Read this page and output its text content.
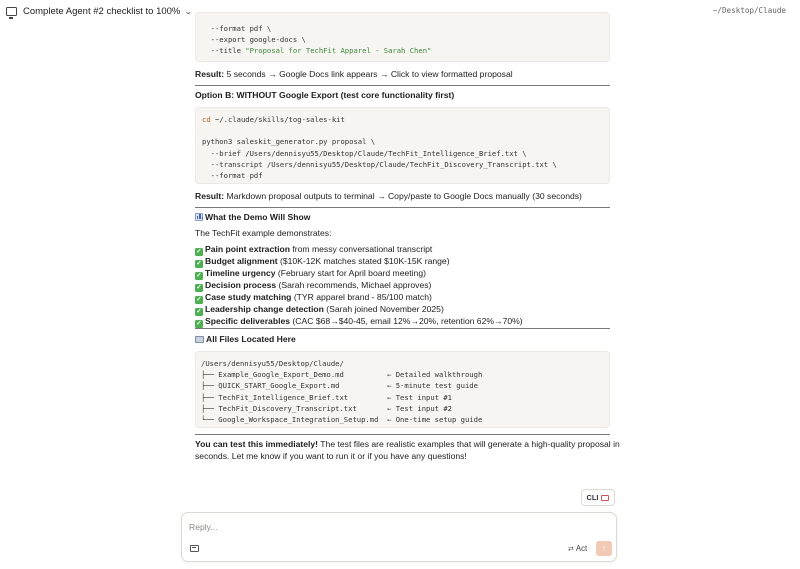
Complete Agent #2 checklist to 100% ⌄	~/Desktop/Claude
--format pdf \
--export google-docs \
--title "Proposal for TechFit Apparel - Sarah Chen"
Result: 5 seconds → Google Docs link appears → Click to view formatted proposal
Option B: WITHOUT Google Export (test core functionality first)
cd ~/.claude/skills/tog-sales-kit

python3 saleskit_generator.py proposal \
--brief /Users/dennisyu55/Desktop/Claude/TechFit_Intelligence_Brief.txt \
--transcript /Users/dennisyu55/Desktop/Claude/TechFit_Discovery_Transcript.txt \
--format pdf
Result: Markdown proposal outputs to terminal → Copy/paste to Google Docs manually (30 seconds)
What the Demo Will Show
The TechFit example demonstrates:
✓ Pain point extraction from messy conversational transcript
✓ Budget alignment ($10K-12K matches stated $10K-15K range)
✓ Timeline urgency (February start for April board meeting)
✓ Decision process (Sarah recommends, Michael approves)
✓ Case study matching (TYR apparel brand - 85/100 match)
✓ Leadership change detection (Sarah joined November 2025)
✓ Specific deliverables (CAC $68→$40-45, email 12%→20%, retention 62%→70%)
All Files Located Here
/Users/dennisyu55/Desktop/Claude/
├── Example_Google_Export_Demo.md          ← Detailed walkthrough
├── QUICK_START_Google_Export.md           ← 5-minute test guide
├── TechFit_Intelligence_Brief.txt         ← Test input #1
├── TechFit_Discovery_Transcript.txt       ← Test input #2
└── Google_Workspace_Integration_Setup.md  ← One-time setup guide
You can test this immediately! The test files are realistic examples that will generate a high-quality proposal in
seconds. Let me know if you want to run it or if you have any questions!
CLI
Reply...
⇄ Act	↑
